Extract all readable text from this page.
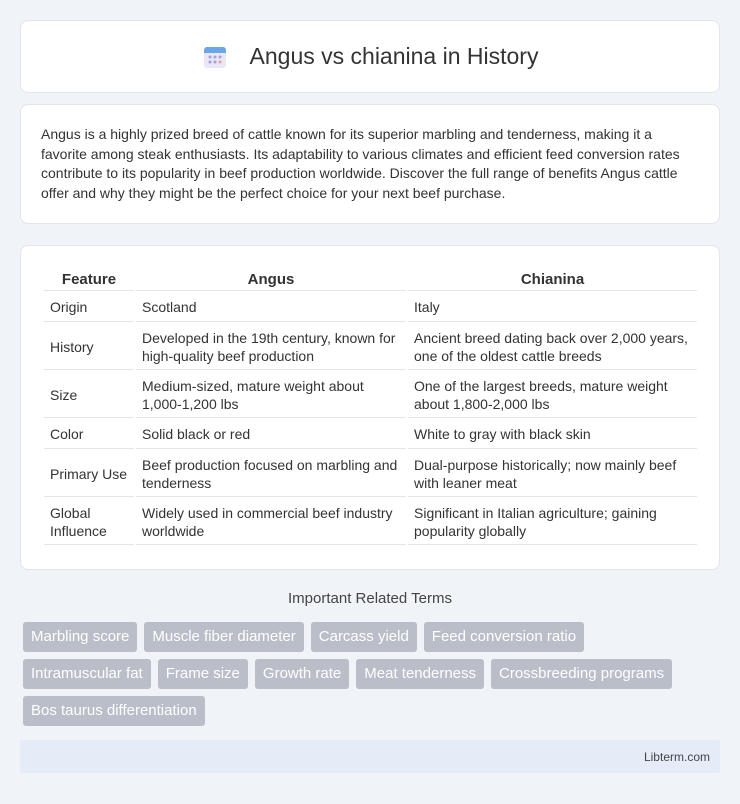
Angus vs chianina in History

Angus is a highly prized breed of cattle known for its superior marbling and tenderness, making it a favorite among steak enthusiasts. Its adaptability to various climates and efficient feed conversion rates contribute to its popularity in beef production worldwide. Discover the full range of benefits Angus cattle offer and why they might be the perfect choice for your next beef purchase.

Feature	Angus	Chianina
Origin	Scotland	Italy
History	Developed in the 19th century, known for high-quality beef production	Ancient breed dating back over 2,000 years, one of the oldest cattle breeds
Size	Medium-sized, mature weight about 1,000-1,200 lbs	One of the largest breeds, mature weight about 1,800-2,000 lbs
Color	Solid black or red	White to gray with black skin
Primary Use	Beef production focused on marbling and tenderness	Dual-purpose historically; now mainly beef with leaner meat
Global Influence	Widely used in commercial beef industry worldwide	Significant in Italian agriculture; gaining popularity globally
Important Related Terms
Marbling score	Muscle fiber diameter	Carcass yield	Feed conversion ratio
Intramuscular fat	Frame size	Growth rate	Meat tenderness	Crossbreeding programs
Bos taurus differentiation
Libterm.com
